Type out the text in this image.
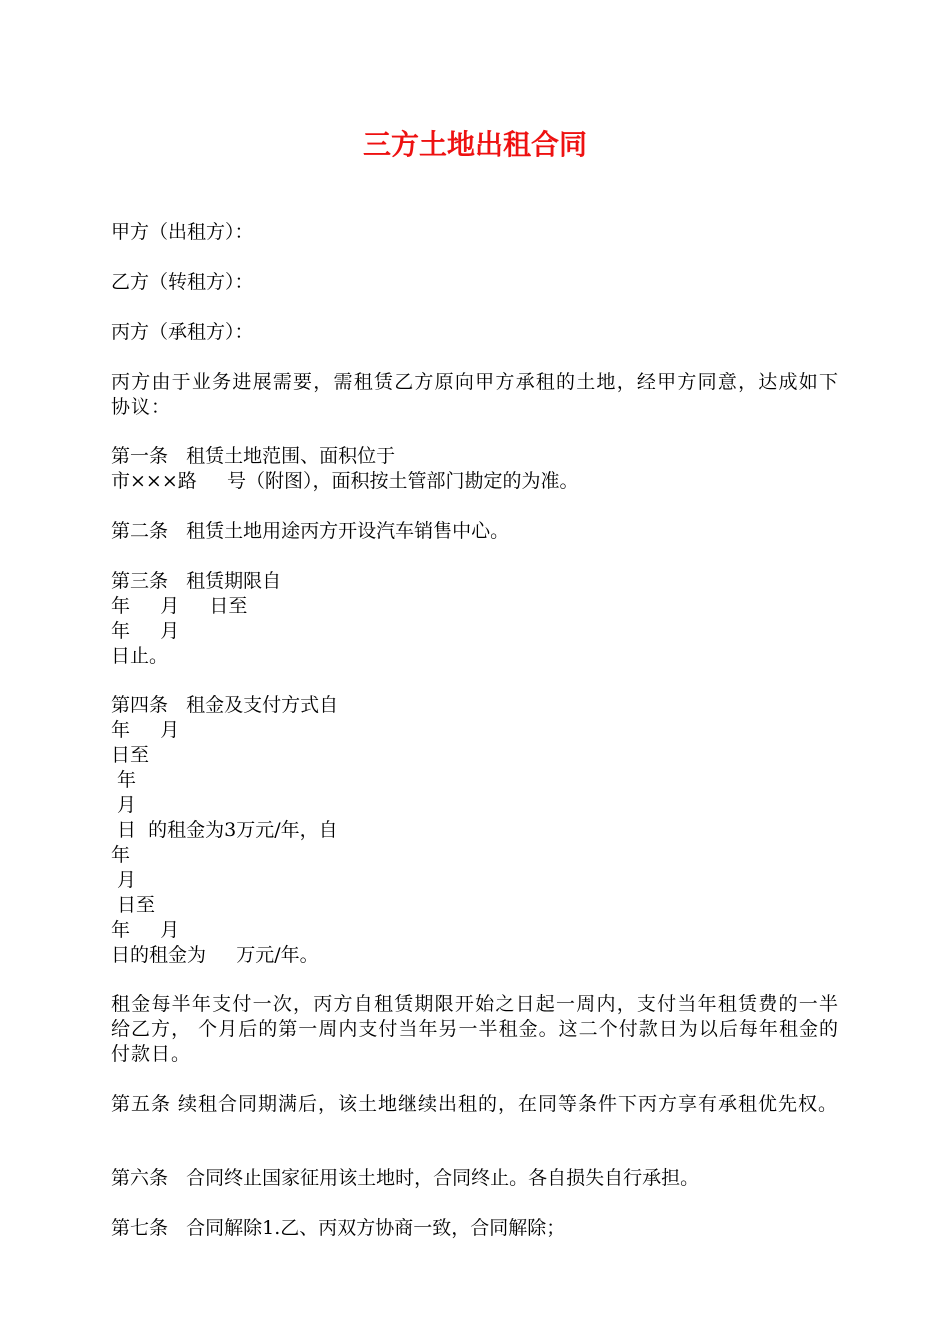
三方土地出租合同

甲方（出租方）：

乙方（转租方）：

丙方（承租方）：

丙方由于业务进展需要，需租赁乙方原向甲方承租的土地，经甲方同意，达成如下协议：

第一条   租赁土地范围、面积位于

市×××路     号（附图），面积按土管部门勘定的为准。

第二条   租赁土地用途丙方开设汽车销售中心。

第三条   租赁期限自

年     月     日至

年     月

日止。

第四条   租金及支付方式自

年     月

日至

年

月

日  的租金为3万元/年，自

年

月

日至

年     月

日的租金为     万元/年。

租金每半年支付一次，丙方自租赁期限开始之日起一周内，支付当年租赁费的一半给乙方， 个月后的第一周内支付当年另一半租金。这二个付款日为以后每年租金的付款日。

第五条 续租合同期满后，该土地继续出租的，在同等条件下丙方享有承租优先权。

第六条   合同终止国家征用该土地时，合同终止。各自损失自行承担。

第七条   合同解除1.乙、丙双方协商一致，合同解除；
